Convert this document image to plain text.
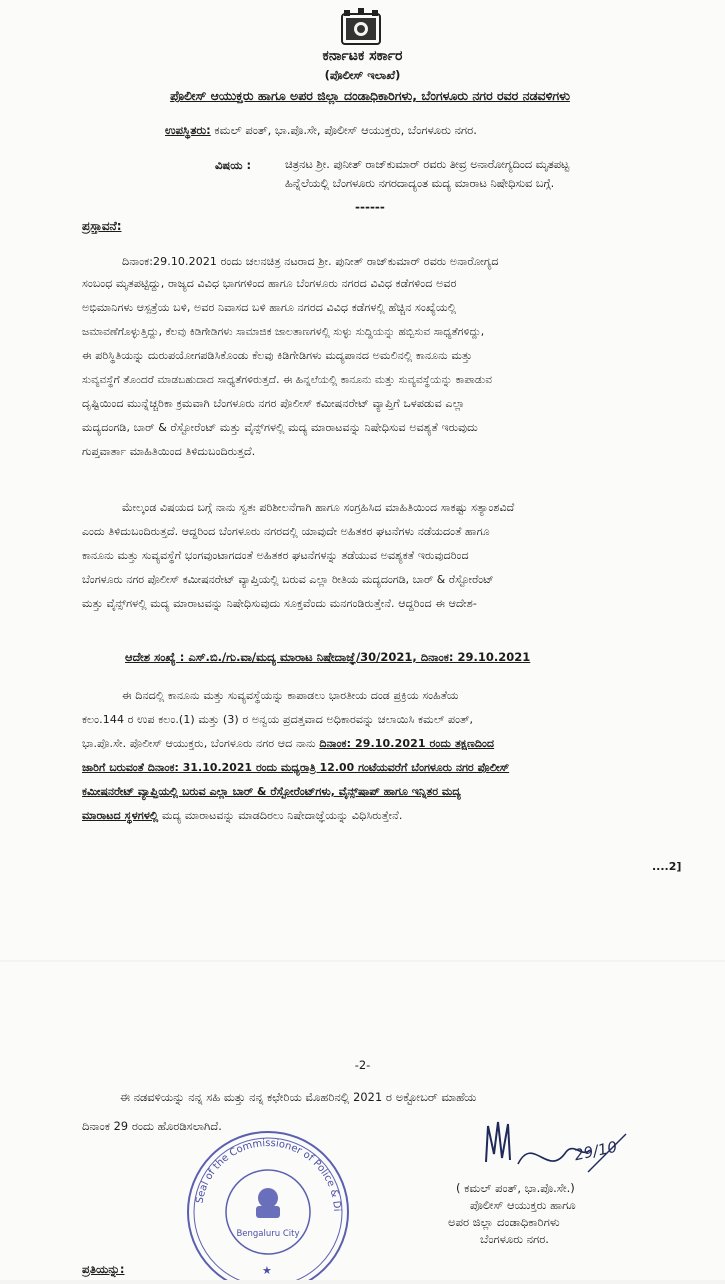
ಕರ್ನಾಟಕ ಸರ್ಕಾರ
(ಪೊಲೀಸ್ ಇಲಾಖೆ)
ಪೊಲೀಸ್ ಆಯುಕ್ತರು ಹಾಗೂ ಅಪರ ಜಿಲ್ಲಾ ದಂಡಾಧಿಕಾರಿಗಳು, ಬೆಂಗಳೂರು ನಗರ ರವರ ನಡವಳಿಗಳು
ಉಪಸ್ಥಿತರು: ಕಮಲ್ ಪಂತ್, ಭಾ.ಪೊ.ಸೇ, ಪೊಲೀಸ್ ಆಯುಕ್ತರು, ಬೆಂಗಳೂರು ನಗರ.
ವಿಷಯ :	ಚಿತ್ರನಟ ಶ್ರೀ. ಪುನೀತ್ ರಾಜ್‌ಕುಮಾರ್ ರವರು ತೀವ್ರ ಅನಾರೋಗ್ಯದಿಂದ ಮೃತಪಟ್ಟ
ಹಿನ್ನೆಲೆಯಲ್ಲಿ ಬೆಂಗಳೂರು ನಗರದಾದ್ಯಂತ ಮದ್ಯ ಮಾರಾಟ ನಿಷೇಧಿಸುವ ಬಗ್ಗೆ.
------
ಪ್ರಸ್ತಾವನೆ:
ದಿನಾಂಕ:29.10.2021 ರಂದು ಚಲನಚಿತ್ರ ನಟರಾದ ಶ್ರೀ. ಪುನೀತ್ ರಾಜ್‌ಕುಮಾರ್ ರವರು ಅನಾರೋಗ್ಯದ
ಸಂಬಂಧ ಮೃತಪಟ್ಟಿದ್ದು, ರಾಜ್ಯದ ವಿವಿಧ ಭಾಗಗಳಿಂದ ಹಾಗೂ ಬೆಂಗಳೂರು ನಗರದ ವಿವಿಧ ಕಡೆಗಳಿಂದ ಅವರ
ಅಭಿಮಾನಿಗಳು ಆಸ್ಪತ್ರೆಯ ಬಳಿ, ಅವರ ನಿವಾಸದ ಬಳಿ ಹಾಗೂ ನಗರದ ವಿವಿಧ ಕಡೆಗಳಲ್ಲಿ ಹೆಚ್ಚಿನ ಸಂಖ್ಯೆಯಲ್ಲಿ
ಜಮಾವಣೆಗೊಳ್ಳುತ್ತಿದ್ದು, ಕೆಲವು ಕಿಡಿಗೇಡಿಗಳು ಸಾಮಾಜಿಕ ಜಾಲತಾಣಗಳಲ್ಲಿ ಸುಳ್ಳು ಸುದ್ದಿಯನ್ನು ಹಬ್ಬಿಸುವ ಸಾಧ್ಯತೆಗಳಿದ್ದು,
ಈ ಪರಿಸ್ಥಿತಿಯನ್ನು ದುರುಪಯೋಗಪಡಿಸಿಕೊಂಡು ಕೆಲವು ಕಿಡಿಗೇಡಿಗಳು ಮದ್ಯಪಾನದ ಅಮಲಿನಲ್ಲಿ ಕಾನೂನು ಮತ್ತು
ಸುವ್ಯವಸ್ಥೆಗೆ ತೊಂದರೆ ಮಾಡಬಹುದಾದ ಸಾಧ್ಯತೆಗಳಿರುತ್ತದೆ. ಈ ಹಿನ್ನಲೆಯಲ್ಲಿ ಕಾನೂನು ಮತ್ತು ಸುವ್ಯವಸ್ಥೆಯನ್ನು ಕಾಪಾಡುವ
ದೃಷ್ಟಿಯಿಂದ ಮುನ್ನೆಚ್ಚರಿಕಾ ಕ್ರಮವಾಗಿ ಬೆಂಗಳೂರು ನಗರ ಪೊಲೀಸ್ ಕಮೀಷನರೇಟ್ ವ್ಯಾಪ್ತಿಗೆ ಒಳಪಡುವ ಎಲ್ಲಾ
ಮದ್ಯದಂಗಡಿ, ಬಾರ್ & ರೆಸ್ಟೋರೆಂಟ್ ಮತ್ತು ವೈನ್ಸ್‌ಗಳಲ್ಲಿ ಮದ್ಯ ಮಾರಾಟವನ್ನು ನಿಷೇಧಿಸುವ ಅವಶ್ಯತೆ ಇರುವುದು
ಗುಪ್ತವಾರ್ತಾ ಮಾಹಿತಿಯಿಂದ ತಿಳಿದುಬಂದಿರುತ್ತದೆ.
ಮೇಲ್ಕಂಡ ವಿಷಯದ ಬಗ್ಗೆ ನಾನು ಸ್ವತಃ ಪರಿಶೀಲನೆಗಾಗಿ ಹಾಗೂ ಸಂಗ್ರಹಿಸಿದ ಮಾಹಿತಿಯಿಂದ ಸಾಕಷ್ಟು ಸತ್ಯಾಂಶವಿದೆ
ಎಂದು ತಿಳಿದುಬಂದಿರುತ್ತದೆ. ಆದ್ದರಿಂದ ಬೆಂಗಳೂರು ನಗರದಲ್ಲಿ ಯಾವುದೇ ಅಹಿತಕರ ಘಟನೆಗಳು ನಡೆಯದಂತೆ ಹಾಗೂ
ಕಾನೂನು ಮತ್ತು ಸುವ್ಯವಸ್ಥೆಗೆ ಭಂಗವುಂಟಾಗದಂತೆ ಅಹಿತಕರ ಘಟನೆಗಳನ್ನು ತಡೆಯುವ ಅವಶ್ಯಕತೆ ಇರುವುದರಿಂದ
ಬೆಂಗಳೂರು ನಗರ ಪೊಲೀಸ್ ಕಮೀಷನರೇಟ್ ವ್ಯಾಪ್ತಿಯಲ್ಲಿ ಬರುವ ಎಲ್ಲಾ ರೀತಿಯ ಮದ್ಯದಂಗಡಿ, ಬಾರ್ & ರೆಸ್ಟೋರೆಂಟ್
ಮತ್ತು ವೈನ್ಸ್‌ಗಳಲ್ಲಿ ಮದ್ಯ ಮಾರಾಟವನ್ನು ನಿಷೇಧಿಸುವುದು ಸೂಕ್ತವೆಂದು ಮನಗಂಡಿರುತ್ತೇನೆ. ಆದ್ದರಿಂದ ಈ ಆದೇಶ-
ಆದೇಶ ಸಂಖ್ಯೆ : ಎಸ್.ಬಿ./ಗು.ವಾ/ಮದ್ಯ ಮಾರಾಟ ನಿಷೇದಾಜ್ಞೆ/30/2021, ದಿನಾಂಕ: 29.10.2021
ಈ ದಿನದಲ್ಲಿ ಕಾನೂನು ಮತ್ತು ಸುವ್ಯವಸ್ಥೆಯನ್ನು ಕಾಪಾಡಲು ಭಾರತೀಯ ದಂಡ ಪ್ರಕ್ರಿಯ ಸಂಹಿತೆಯ
ಕಲಂ.144 ರ ಉಪ ಕಲಂ.(1) ಮತ್ತು (3) ರ ಅನ್ವಯ ಪ್ರದತ್ತವಾದ ಅಧಿಕಾರವನ್ನು ಚಲಾಯಿಸಿ ಕಮಲ್ ಪಂತ್,
ಭಾ.ಪೊ.ಸೇ. ಪೊಲೀಸ್ ಆಯುಕ್ತರು, ಬೆಂಗಳೂರು ನಗರ ಆದ ನಾನು ದಿನಾಂಕ: 29.10.2021 ರಂದು ತಕ್ಷಣದಿಂದ
ಜಾರಿಗೆ ಬರುವಂತೆ ದಿನಾಂಕ: 31.10.2021 ರಂದು ಮಧ್ಯರಾತ್ರಿ 12.00 ಗಂಟೆಯವರೆಗೆ ಬೆಂಗಳೂರು ನಗರ ಪೊಲೀಸ್
ಕಮೀಷನರೇಟ್ ವ್ಯಾಪ್ತಿಯಲ್ಲಿ ಬರುವ ಎಲ್ಲಾ ಬಾರ್ & ರೆಸ್ಟೋರೆಂಟ್‌ಗಳು, ವೈನ್ಸ್‌ಷಾಪ್ ಹಾಗೂ ಇನ್ನಿತರ ಮದ್ಯ
ಮಾರಾಟದ ಸ್ಥಳಗಳಲ್ಲಿ ಮದ್ಯ ಮಾರಾಟವನ್ನು ಮಾಡದಿರಲು ನಿಷೇದಾಜ್ಞೆಯನ್ನು ವಿಧಿಸಿರುತ್ತೇನೆ.
....2]
-2-
ಈ ನಡವಳಿಯನ್ನು ನನ್ನ ಸಹಿ ಮತ್ತು ನನ್ನ ಕಛೇರಿಯ ಮೊಹರಿನಲ್ಲಿ 2021 ರ ಅಕ್ಟೋಬರ್ ಮಾಹೆಯ
ದಿನಾಂಕ 29 ರಂದು ಹೊರಡಿಸಲಾಗಿದೆ.
Seal of the Commissioner of Police & Di
Bengaluru City
★
29/10
( ಕಮಲ್ ಪಂತ್, ಭಾ.ಪೊ.ಸೇ.)
ಪೊಲೀಸ್ ಆಯುಕ್ತರು ಹಾಗೂ
ಅಪರ ಜಿಲ್ಲಾ ದಂಡಾಧಿಕಾರಿಗಳು
ಬೆಂಗಳೂರು ನಗರ.
ಪ್ರತಿಯನ್ನು:
